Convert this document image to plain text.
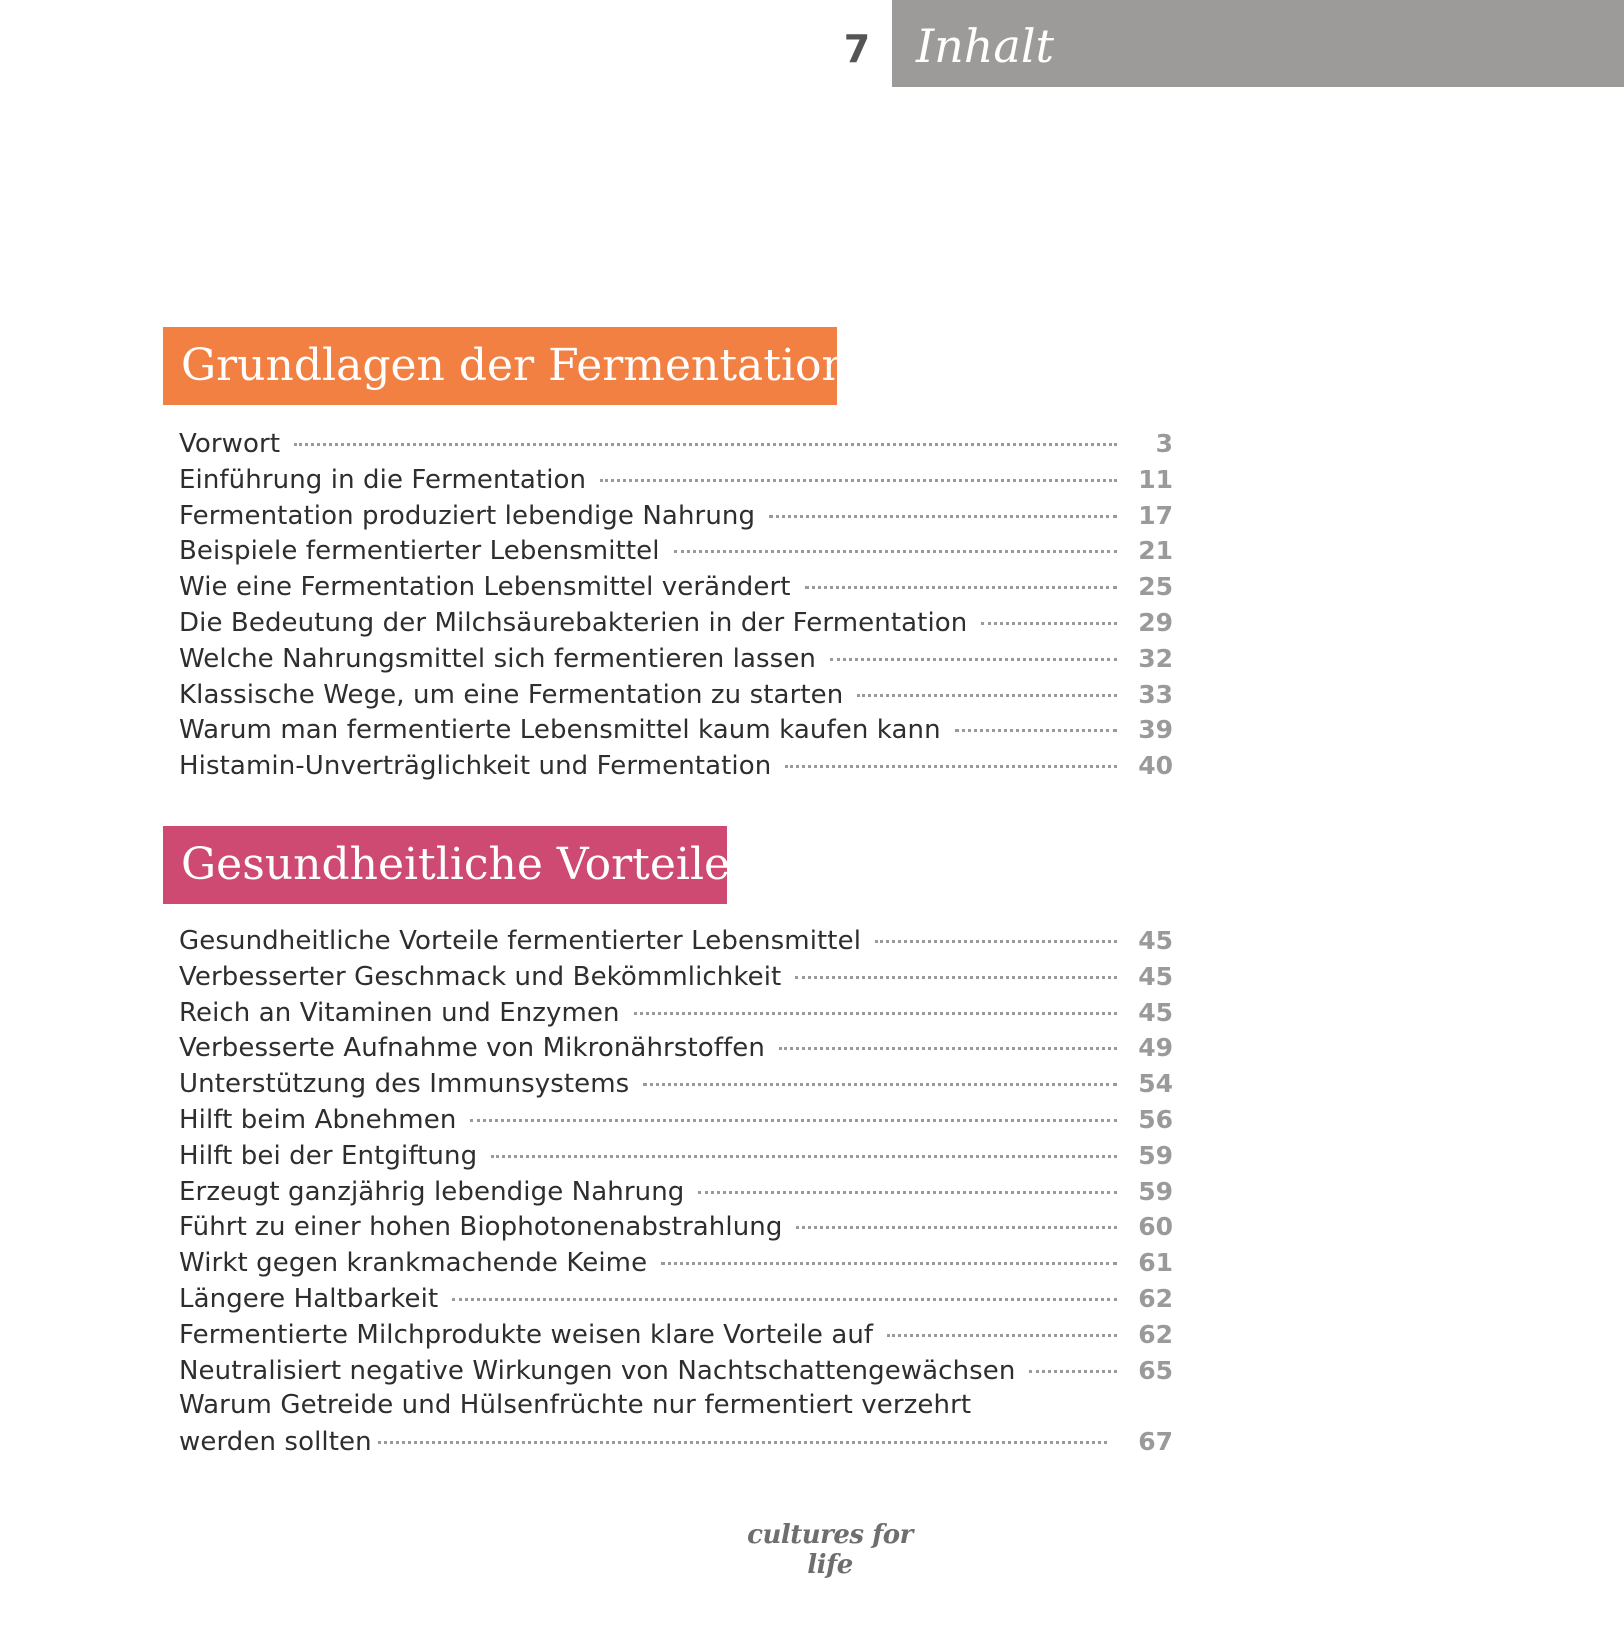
7 Inhalt
Grundlagen der Fermentation
Vorwort	3
Einführung in die Fermentation	11
Fermentation produziert lebendige Nahrung	17
Beispiele fermentierter Lebensmittel	21
Wie eine Fermentation Lebensmittel verändert	25
Die Bedeutung der Milchsäurebakterien in der Fermentation	29
Welche Nahrungsmittel sich fermentieren lassen	32
Klassische Wege, um eine Fermentation zu starten	33
Warum man fermentierte Lebensmittel kaum kaufen kann	39
Histamin-Unverträglichkeit und Fermentation	40
Gesundheitliche Vorteile
Gesundheitliche Vorteile fermentierter Lebensmittel	45
Verbesserter Geschmack und Bekömmlichkeit	45
Reich an Vitaminen und Enzymen	45
Verbesserte Aufnahme von Mikronährstoffen	49
Unterstützung des Immunsystems	54
Hilft beim Abnehmen	56
Hilft bei der Entgiftung	59
Erzeugt ganzjährig lebendige Nahrung	59
Führt zu einer hohen Biophotonenabstrahlung	60
Wirkt gegen krankmachende Keime	61
Längere Haltbarkeit	62
Fermentierte Milchprodukte weisen klare Vorteile auf	62
Neutralisiert negative Wirkungen von Nachtschattengewächsen	65
Warum Getreide und Hülsenfrüchte nur fermentiert verzehrt
werden sollten	67
cultures for life
